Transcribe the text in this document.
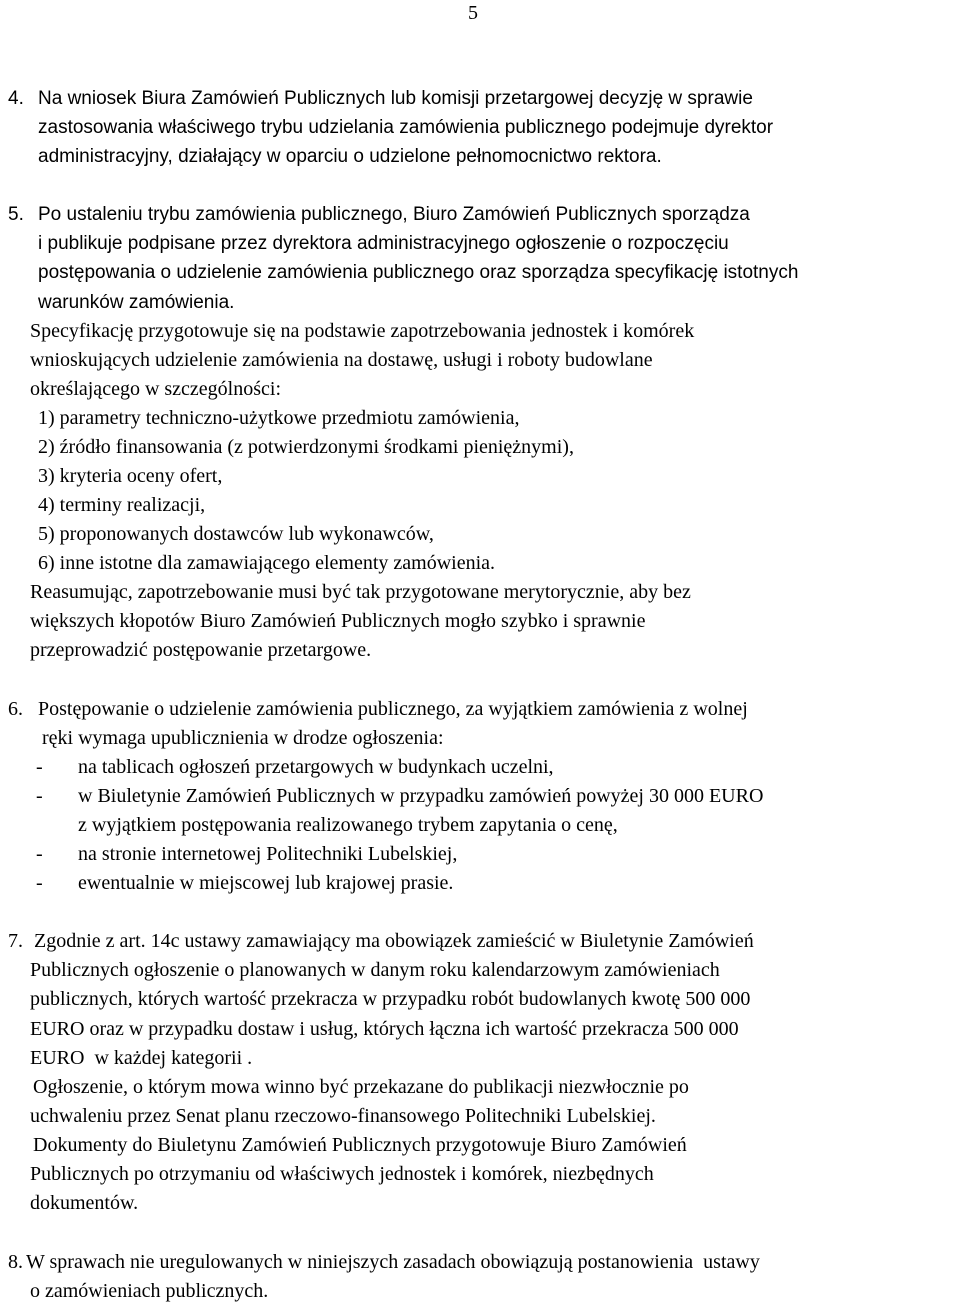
5
4. Na wniosek Biura Zamówień Publicznych lub komisji przetargowej decyzję w sprawie
zastosowania właściwego trybu udzielania zamówienia publicznego podejmuje dyrektor
administracyjny, działający w oparciu o udzielone pełnomocnictwo rektora.
5. Po ustaleniu trybu zamówienia publicznego, Biuro Zamówień Publicznych sporządza
i publikuje podpisane przez dyrektora administracyjnego ogłoszenie o rozpoczęciu
postępowania o udzielenie zamówienia publicznego oraz sporządza specyfikację istotnych
warunków zamówienia.
Specyfikację przygotowuje się na podstawie zapotrzebowania jednostek i komórek
wnioskujących udzielenie zamówienia na dostawę, usługi i roboty budowlane
określającego w szczególności:
1) parametry techniczno-użytkowe przedmiotu zamówienia,
2) źródło finansowania (z potwierdzonymi środkami pieniężnymi),
3) kryteria oceny ofert,
4) terminy realizacji,
5) proponowanych dostawców lub wykonawców,
6) inne istotne dla zamawiającego elementy zamówienia.
Reasumując, zapotrzebowanie musi być tak przygotowane merytorycznie, aby bez
większych kłopotów Biuro Zamówień Publicznych mogło szybko i sprawnie
przeprowadzić postępowanie przetargowe.
6. Postępowanie o udzielenie zamówienia publicznego, za wyjątkiem zamówienia z wolnej
ręki wymaga upublicznienia w drodze ogłoszenia:
- na tablicach ogłoszeń przetargowych w budynkach uczelni,
- w Biuletynie Zamówień Publicznych w przypadku zamówień powyżej 30 000 EURO
z wyjątkiem postępowania realizowanego trybem zapytania o cenę,
- na stronie internetowej Politechniki Lubelskiej,
- ewentualnie w miejscowej lub krajowej prasie.
7. Zgodnie z art. 14c ustawy zamawiający ma obowiązek zamieścić w Biuletynie Zamówień
Publicznych ogłoszenie o planowanych w danym roku kalendarzowym zamówieniach
publicznych, których wartość przekracza w przypadku robót budowlanych kwotę 500 000
EURO oraz w przypadku dostaw i usług, których łączna ich wartość przekracza 500 000
EURO  w każdej kategorii .
Ogłoszenie, o którym mowa winno być przekazane do publikacji niezwłocznie po
uchwaleniu przez Senat planu rzeczowo-finansowego Politechniki Lubelskiej.
Dokumenty do Biuletynu Zamówień Publicznych przygotowuje Biuro Zamówień
Publicznych po otrzymaniu od właściwych jednostek i komórek, niezbędnych
dokumentów.
8. W sprawach nie uregulowanych w niniejszych zasadach obowiązują postanowienia  ustawy
o zamówieniach publicznych.
